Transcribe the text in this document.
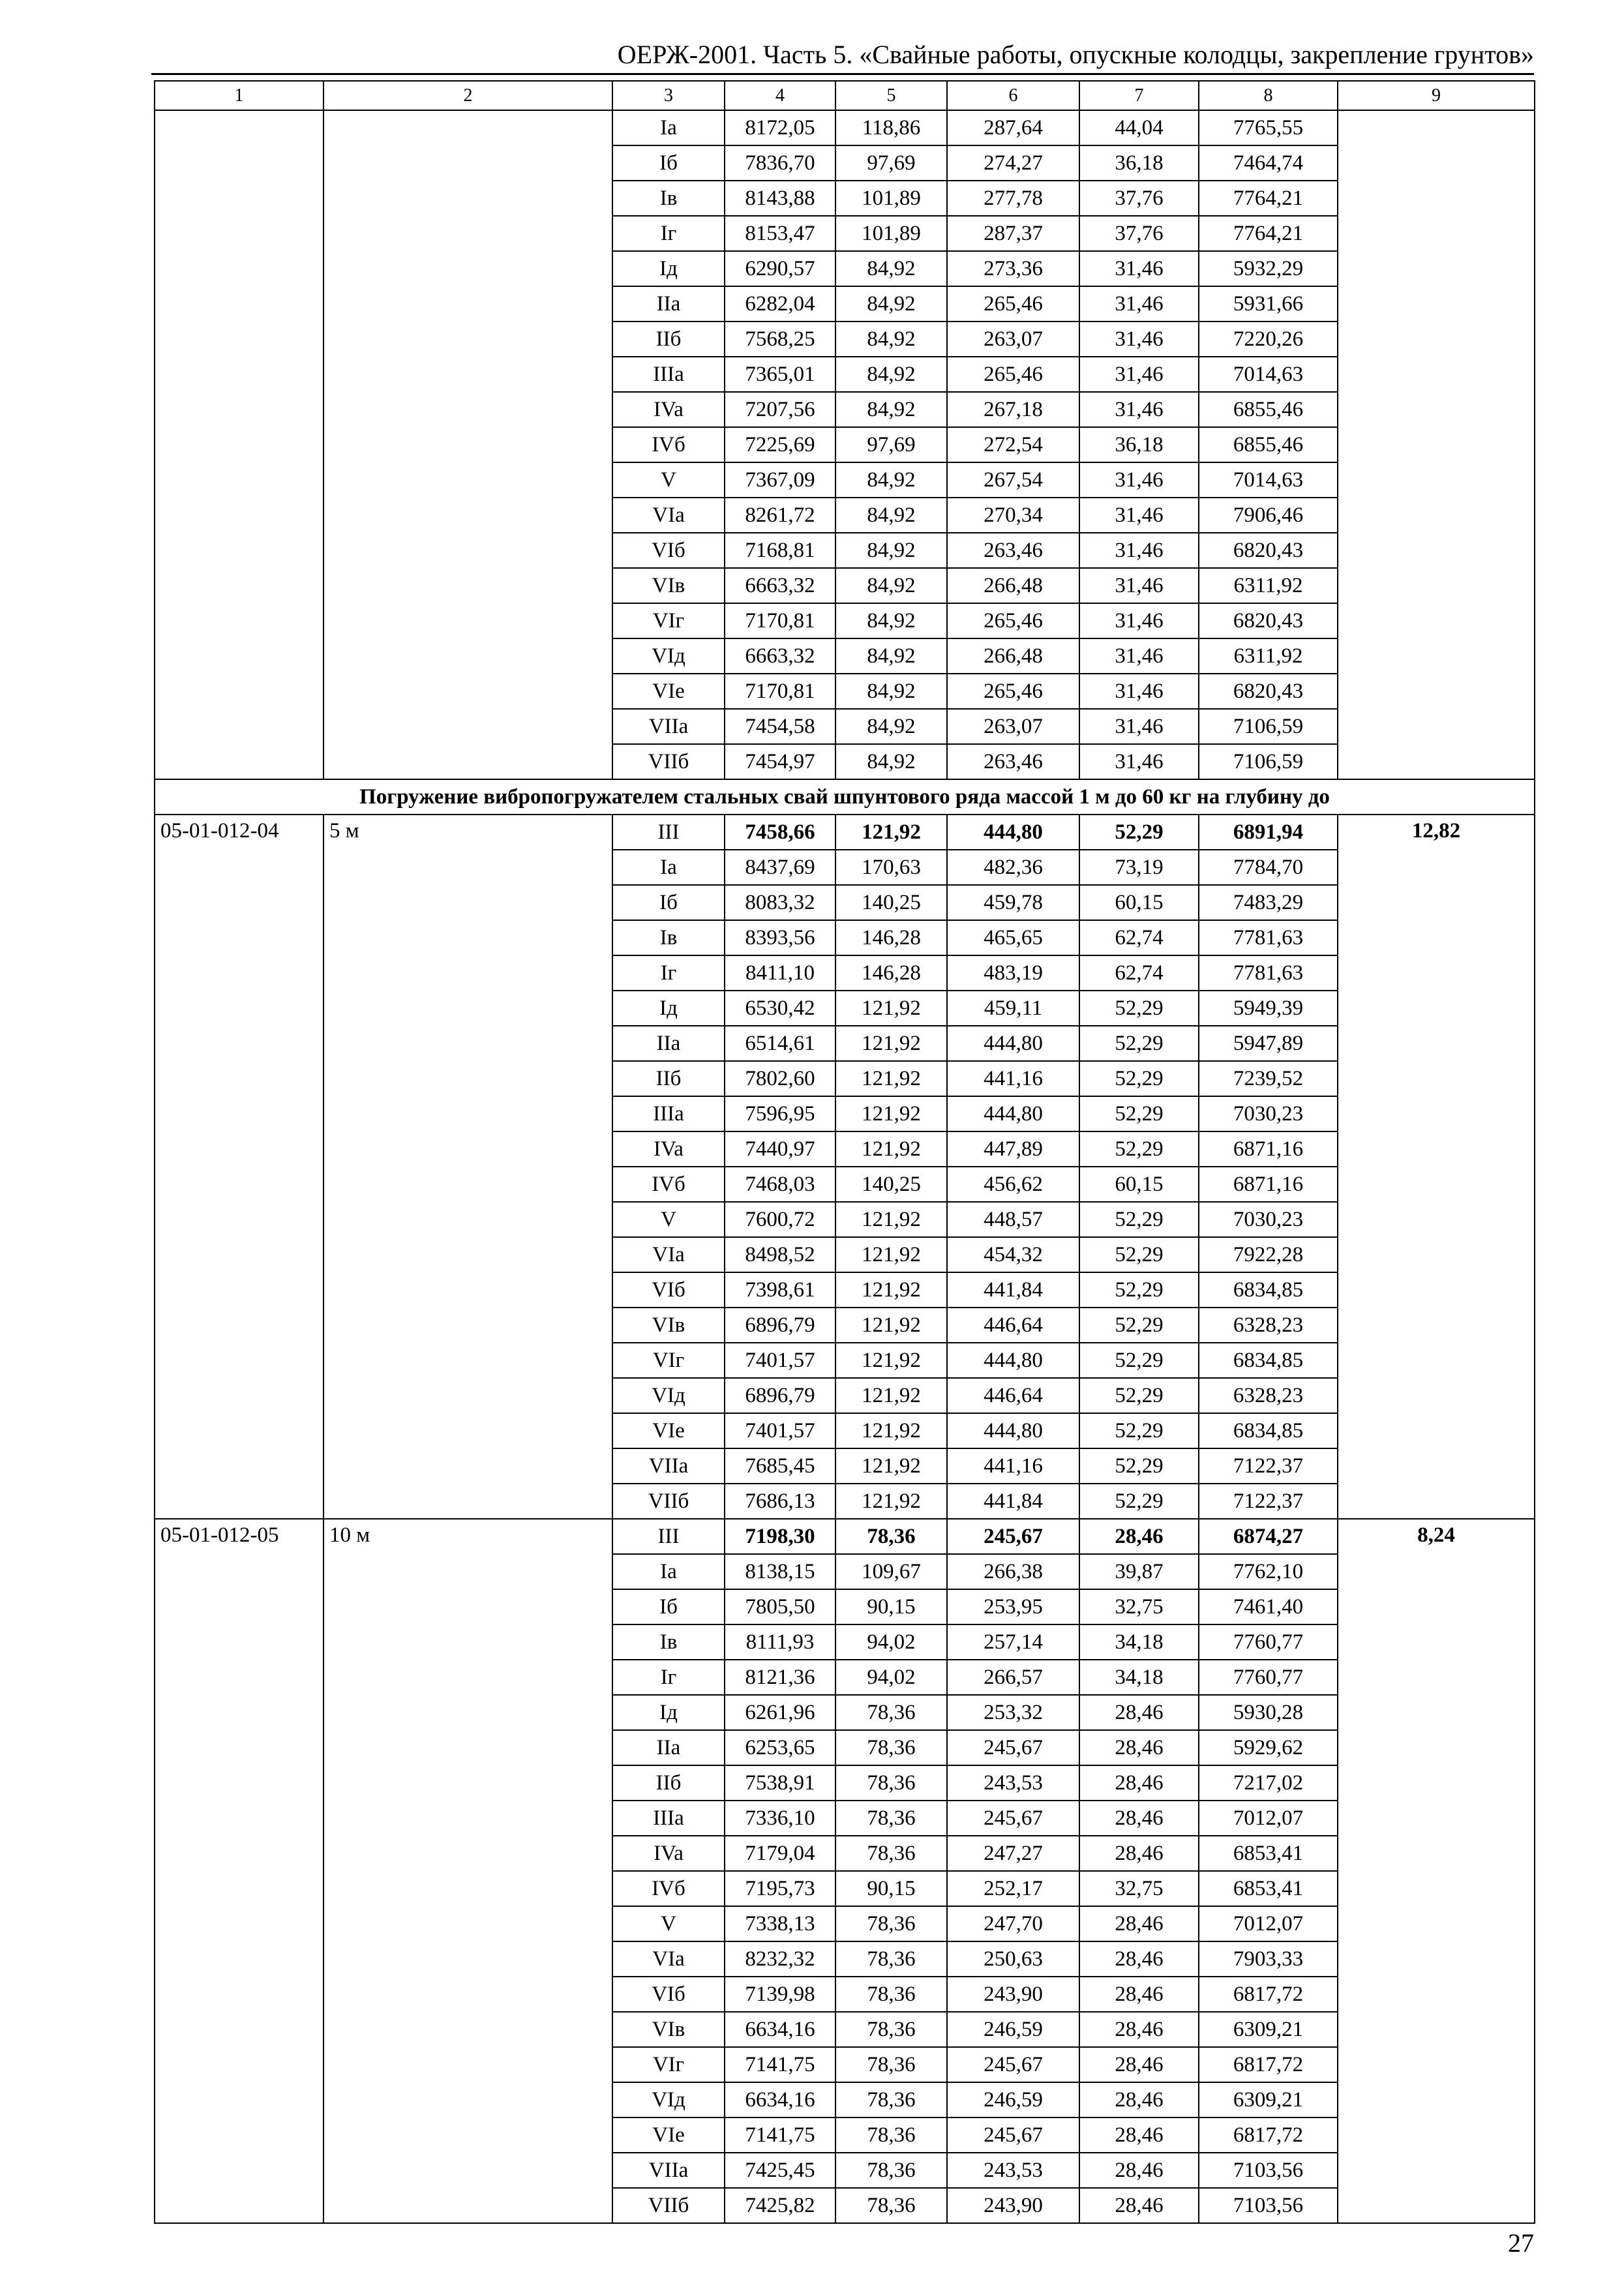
ОЕРЖ-2001. Часть 5. «Свайные работы, опускные колодцы, закрепление грунтов»
1	2	3	4	5	6	7	8	9
		Ia	8172,05	118,86	287,64	44,04	7765,55	
		Iб	7836,70	97,69	274,27	36,18	7464,74	
		Iв	8143,88	101,89	277,78	37,76	7764,21	
		Iг	8153,47	101,89	287,37	37,76	7764,21	
		Iд	6290,57	84,92	273,36	31,46	5932,29	
		IIa	6282,04	84,92	265,46	31,46	5931,66	
		IIб	7568,25	84,92	263,07	31,46	7220,26	
		IIIa	7365,01	84,92	265,46	31,46	7014,63	
		IVa	7207,56	84,92	267,18	31,46	6855,46	
		IVб	7225,69	97,69	272,54	36,18	6855,46	
		V	7367,09	84,92	267,54	31,46	7014,63	
		VIa	8261,72	84,92	270,34	31,46	7906,46	
		VIб	7168,81	84,92	263,46	31,46	6820,43	
		VIв	6663,32	84,92	266,48	31,46	6311,92	
		VIг	7170,81	84,92	265,46	31,46	6820,43	
		VIд	6663,32	84,92	266,48	31,46	6311,92	
		VIe	7170,81	84,92	265,46	31,46	6820,43	
		VIIa	7454,58	84,92	263,07	31,46	7106,59	
		VIIб	7454,97	84,92	263,46	31,46	7106,59	
Погружение вибропогружателем стальных свай шпунтового ряда массой 1 м до 60 кг на глубину до								
05-01-012-04	5 м	III	7458,66	121,92	444,80	52,29	6891,94	12,82
		Ia	8437,69	170,63	482,36	73,19	7784,70	
		Iб	8083,32	140,25	459,78	60,15	7483,29	
		Iв	8393,56	146,28	465,65	62,74	7781,63	
		Iг	8411,10	146,28	483,19	62,74	7781,63	
		Iд	6530,42	121,92	459,11	52,29	5949,39	
		IIa	6514,61	121,92	444,80	52,29	5947,89	
		IIб	7802,60	121,92	441,16	52,29	7239,52	
		IIIa	7596,95	121,92	444,80	52,29	7030,23	
		IVa	7440,97	121,92	447,89	52,29	6871,16	
		IVб	7468,03	140,25	456,62	60,15	6871,16	
		V	7600,72	121,92	448,57	52,29	7030,23	
		VIa	8498,52	121,92	454,32	52,29	7922,28	
		VIб	7398,61	121,92	441,84	52,29	6834,85	
		VIв	6896,79	121,92	446,64	52,29	6328,23	
		VIг	7401,57	121,92	444,80	52,29	6834,85	
		VIд	6896,79	121,92	446,64	52,29	6328,23	
		VIe	7401,57	121,92	444,80	52,29	6834,85	
		VIIa	7685,45	121,92	441,16	52,29	7122,37	
		VIIб	7686,13	121,92	441,84	52,29	7122,37	
05-01-012-05	10 м	III	7198,30	78,36	245,67	28,46	6874,27	8,24
		Ia	8138,15	109,67	266,38	39,87	7762,10	
		Iб	7805,50	90,15	253,95	32,75	7461,40	
		Iв	8111,93	94,02	257,14	34,18	7760,77	
		Iг	8121,36	94,02	266,57	34,18	7760,77	
		Iд	6261,96	78,36	253,32	28,46	5930,28	
		IIa	6253,65	78,36	245,67	28,46	5929,62	
		IIб	7538,91	78,36	243,53	28,46	7217,02	
		IIIa	7336,10	78,36	245,67	28,46	7012,07	
		IVa	7179,04	78,36	247,27	28,46	6853,41	
		IVб	7195,73	90,15	252,17	32,75	6853,41	
		V	7338,13	78,36	247,70	28,46	7012,07	
		VIa	8232,32	78,36	250,63	28,46	7903,33	
		VIб	7139,98	78,36	243,90	28,46	6817,72	
		VIв	6634,16	78,36	246,59	28,46	6309,21	
		VIг	7141,75	78,36	245,67	28,46	6817,72	
		VIд	6634,16	78,36	246,59	28,46	6309,21	
		VIe	7141,75	78,36	245,67	28,46	6817,72	
		VIIa	7425,45	78,36	243,53	28,46	7103,56	
		VIIб	7425,82	78,36	243,90	28,46	7103,56	
27
